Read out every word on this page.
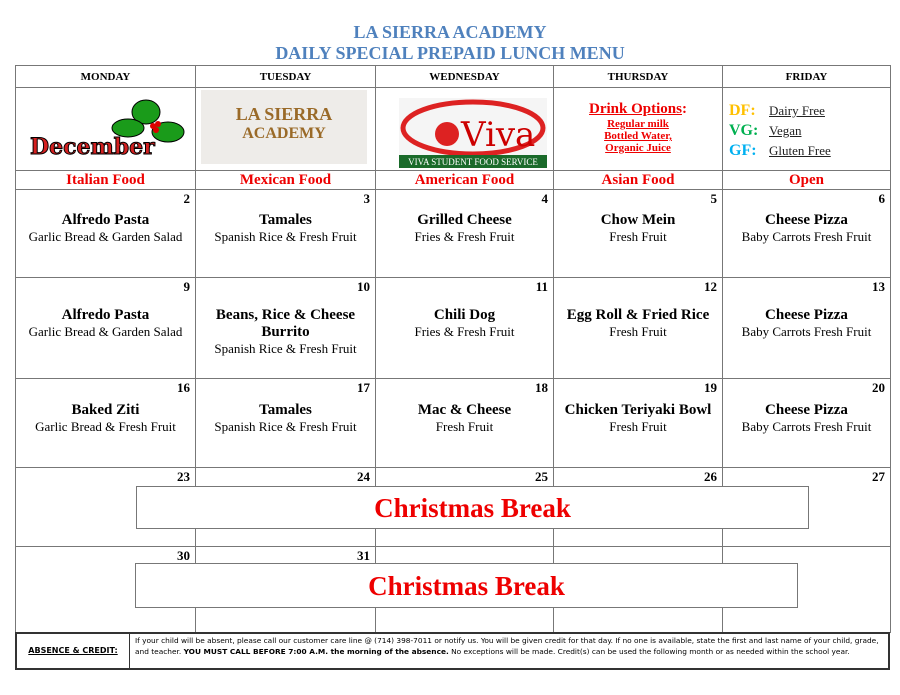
LA SIERRA ACADEMY
DAILY SPECIAL PREPAID LUNCH MENU
December
LA SIERRA
ACADEMY	Viva
VIVA STUDENT FOOD SERVICE
Drink Options:
Regular milk
Bottled Water,
Organic Juice
DF: Dairy Free
VG: Vegan
GF: Gluten Free
MONDAY
Italian Food
2
Alfredo Pasta
Garlic Bread & Garden Salad
9
Alfredo Pasta
Garlic Bread & Garden Salad
16
Baked Ziti
Garlic Bread & Fresh Fruit
23
30
TUESDAY
Mexican Food
3
Tamales
Spanish Rice & Fresh Fruit
10
Beans, Rice & Cheese Burrito
Spanish Rice & Fresh Fruit
17
Tamales
Spanish Rice & Fresh Fruit
24
31
WEDNESDAY
American Food
4
Grilled Cheese
Fries & Fresh Fruit
11
Chili Dog
Fries & Fresh Fruit
18
Mac & Cheese
Fresh Fruit
25
THURSDAY
Asian Food
5
Chow Mein
Fresh Fruit
12
Egg Roll & Fried Rice
Fresh Fruit
19
Chicken Teriyaki Bowl
Fresh Fruit
26
FRIDAY
Open
6
Cheese Pizza
Baby Carrots Fresh Fruit
13
Cheese Pizza
Baby Carrots Fresh Fruit
20
Cheese Pizza
Baby Carrots Fresh Fruit
27
Christmas Break
Christmas Break
ABSENCE & CREDIT:
If your child will be absent, please call our customer care line @ (714) 398-7011 or notify us. You will be given credit for that day. If no one is available, state the first and last name of your child, grade, and teacher. YOU MUST CALL BEFORE 7:00 A.M. the morning of the absence. No exceptions will be made. Credit(s) can be used the following month or as needed within the school year.
